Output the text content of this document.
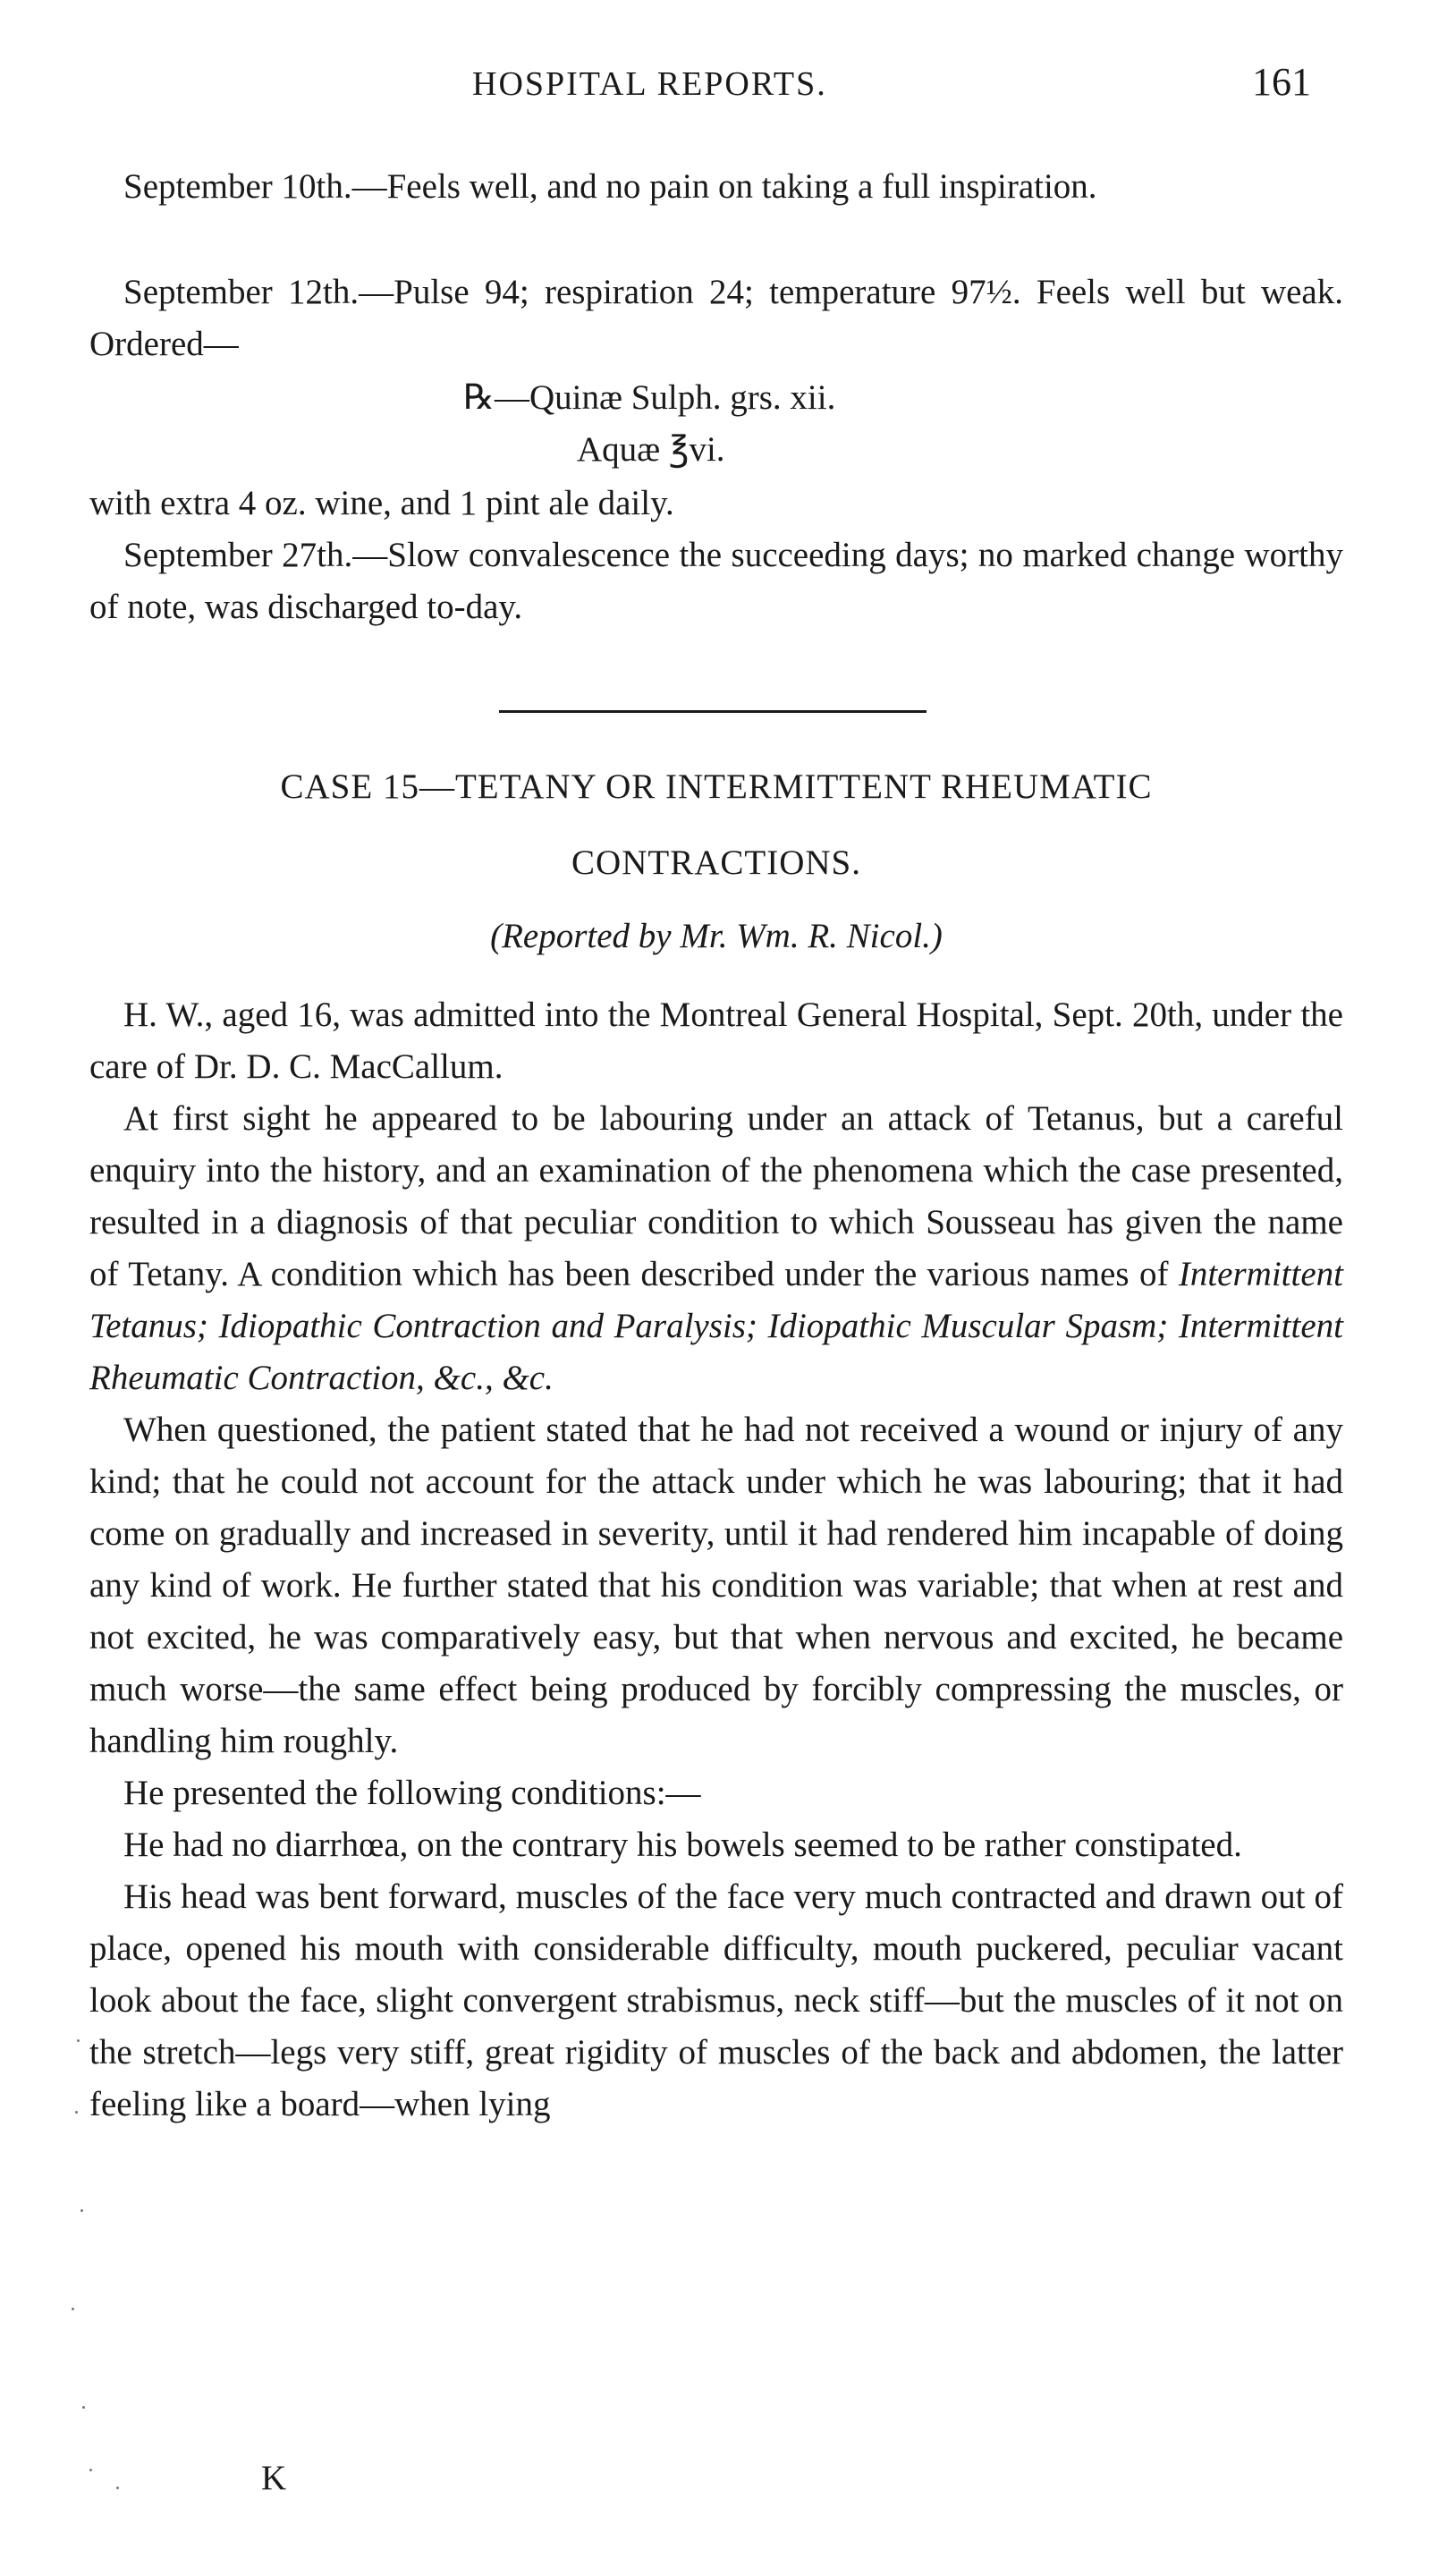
HOSPITAL REPORTS.	161

September 10th.—Feels well, and no pain on taking a full inspiration.

September 12th.—Pulse 94; respiration 24; temperature 97½. Feels well but weak. Ordered—

℞—Quinæ Sulph. grs. xii.
Aquæ ℥vi.

with extra 4 oz. wine, and 1 pint ale daily.

September 27th.—Slow convalescence the succeeding days; no marked change worthy of note, was discharged to-day.

CASE 15—TETANY OR INTERMITTENT RHEUMATIC
CONTRACTIONS.
(Reported by Mr. Wm. R. Nicol.)

H. W., aged 16, was admitted into the Montreal General Hospital, Sept. 20th, under the care of Dr. D. C. MacCallum.

At first sight he appeared to be labouring under an attack of Tetanus, but a careful enquiry into the history, and an examination of the phenomena which the case presented, resulted in a diagnosis of that peculiar condition to which Sousseau has given the name of Tetany. A condition which has been described under the various names of Intermittent Tetanus; Idiopathic Contraction and Paralysis; Idiopathic Muscular Spasm; Intermittent Rheumatic Contraction, &c., &c.

When questioned, the patient stated that he had not received a wound or injury of any kind; that he could not account for the attack under which he was labouring; that it had come on gradually and increased in severity, until it had rendered him incapable of doing any kind of work. He further stated that his condition was variable; that when at rest and not excited, he was comparatively easy, but that when nervous and excited, he became much worse—the same effect being produced by forcibly compressing the muscles, or handling him roughly.

He presented the following conditions:—

He had no diarrhœa, on the contrary his bowels seemed to be rather constipated.

His head was bent forward, muscles of the face very much contracted and drawn out of place, opened his mouth with considerable difficulty, mouth puckered, peculiar vacant look about the face, slight convergent strabismus, neck stiff—but the muscles of it not on the stretch—legs very stiff, great rigidity of muscles of the back and abdomen, the latter feeling like a board—when lying

K
